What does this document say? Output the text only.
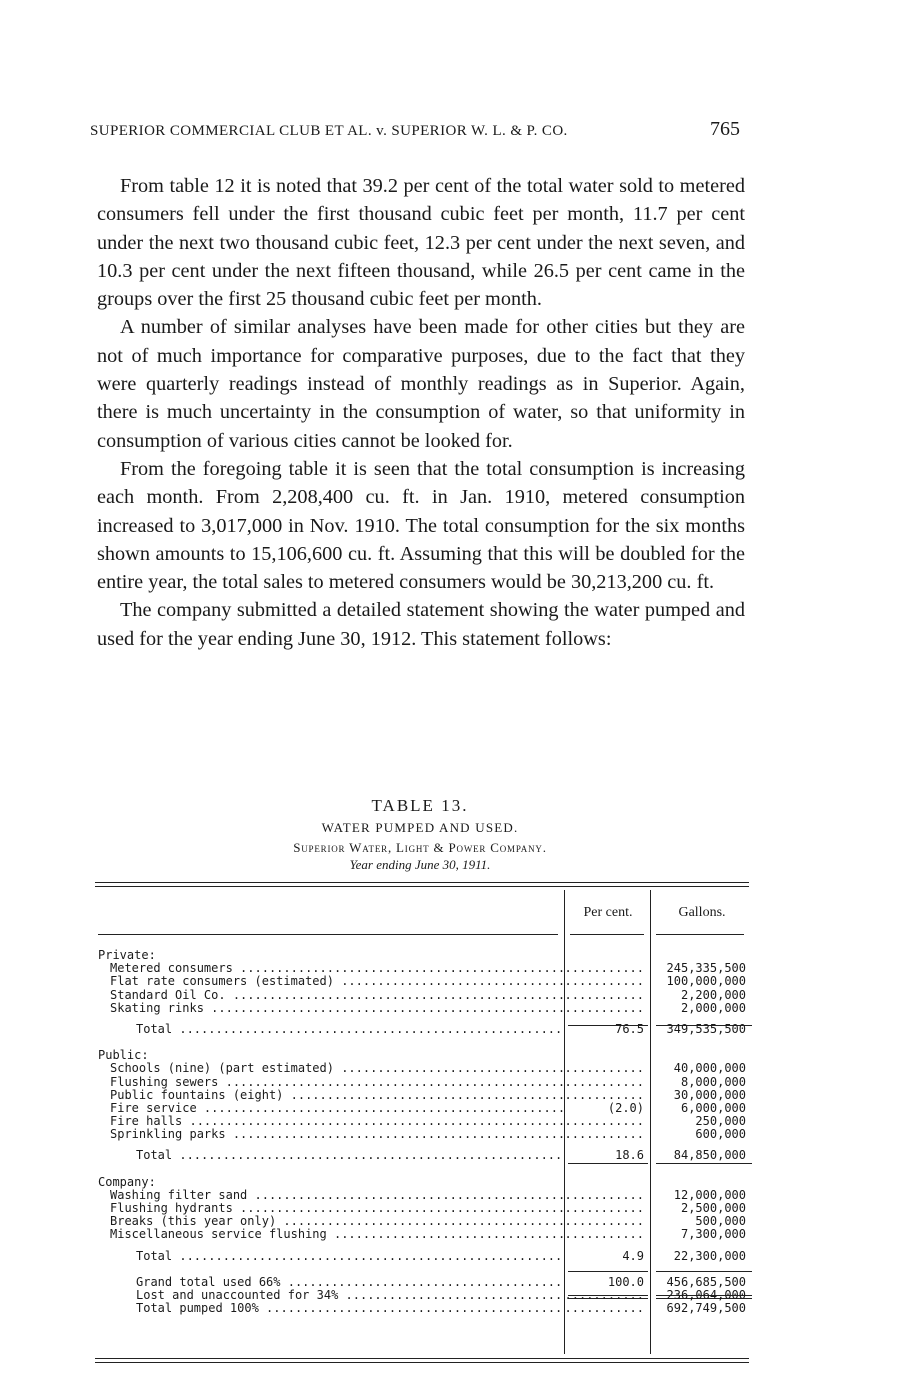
SUPERIOR COMMERCIAL CLUB ET AL. v. SUPERIOR W. L. & P. CO.	765

From table 12 it is noted that 39.2 per cent of the total water sold to metered consumers fell under the first thousand cubic feet per month, 11.7 per cent under the next two thousand cubic feet, 12.3 per cent under the next seven, and 10.3 per cent under the next fifteen thousand, while 26.5 per cent came in the groups over the first 25 thousand cubic feet per month.

A number of similar analyses have been made for other cities but they are not of much importance for comparative purposes, due to the fact that they were quarterly readings instead of monthly readings as in Superior. Again, there is much uncertainty in the consumption of water, so that uniformity in consumption of various cities cannot be looked for.

From the foregoing table it is seen that the total consumption is increasing each month. From 2,208,400 cu. ft. in Jan. 1910, metered consumption increased to 3,017,000 in Nov. 1910. The total consumption for the six months shown amounts to 15,106,600 cu. ft. Assuming that this will be doubled for the entire year, the total sales to metered consumers would be 30,213,200 cu. ft.

The company submitted a detailed statement showing the water pumped and used for the year ending June 30, 1912. This statement follows:

TABLE 13.
WATER PUMPED AND USED.
Superior Water, Light & Power Company.
Year ending June 30, 1911.
Per cent.	Gallons.
Private:
Metered consumers .....	...........	245,335,500
Flat rate consumers (estimated) .....	...........	100,000,000
Standard Oil Co. .....	...........	2,200,000
Skating rinks .....	...........	2,000,000
Total .....	76.5	349,535,500
Public:
Schools (nine) (part estimated) .....	...........	40,000,000
Flushing sewers .....	...........	8,000,000
Public fountains (eight) .....	...........	30,000,000
Fire service .....	(2.0)	6,000,000
Fire halls .....	...........	250,000
Sprinkling parks .....	...........	600,000
Total .....	18.6	84,850,000
Company:
Washing filter sand .....	...........	12,000,000
Flushing hydrants .....	...........	2,500,000
Breaks (this year only) .....	...........	500,000
Miscellaneous service flushing .....	...........	7,300,000
Total .....	4.9	22,300,000
Grand total used 66% .....	100.0	456,685,500
Lost and unaccounted for 34% .....	...........	236,064,000
Total pumped 100% .....	...........	692,749,500
